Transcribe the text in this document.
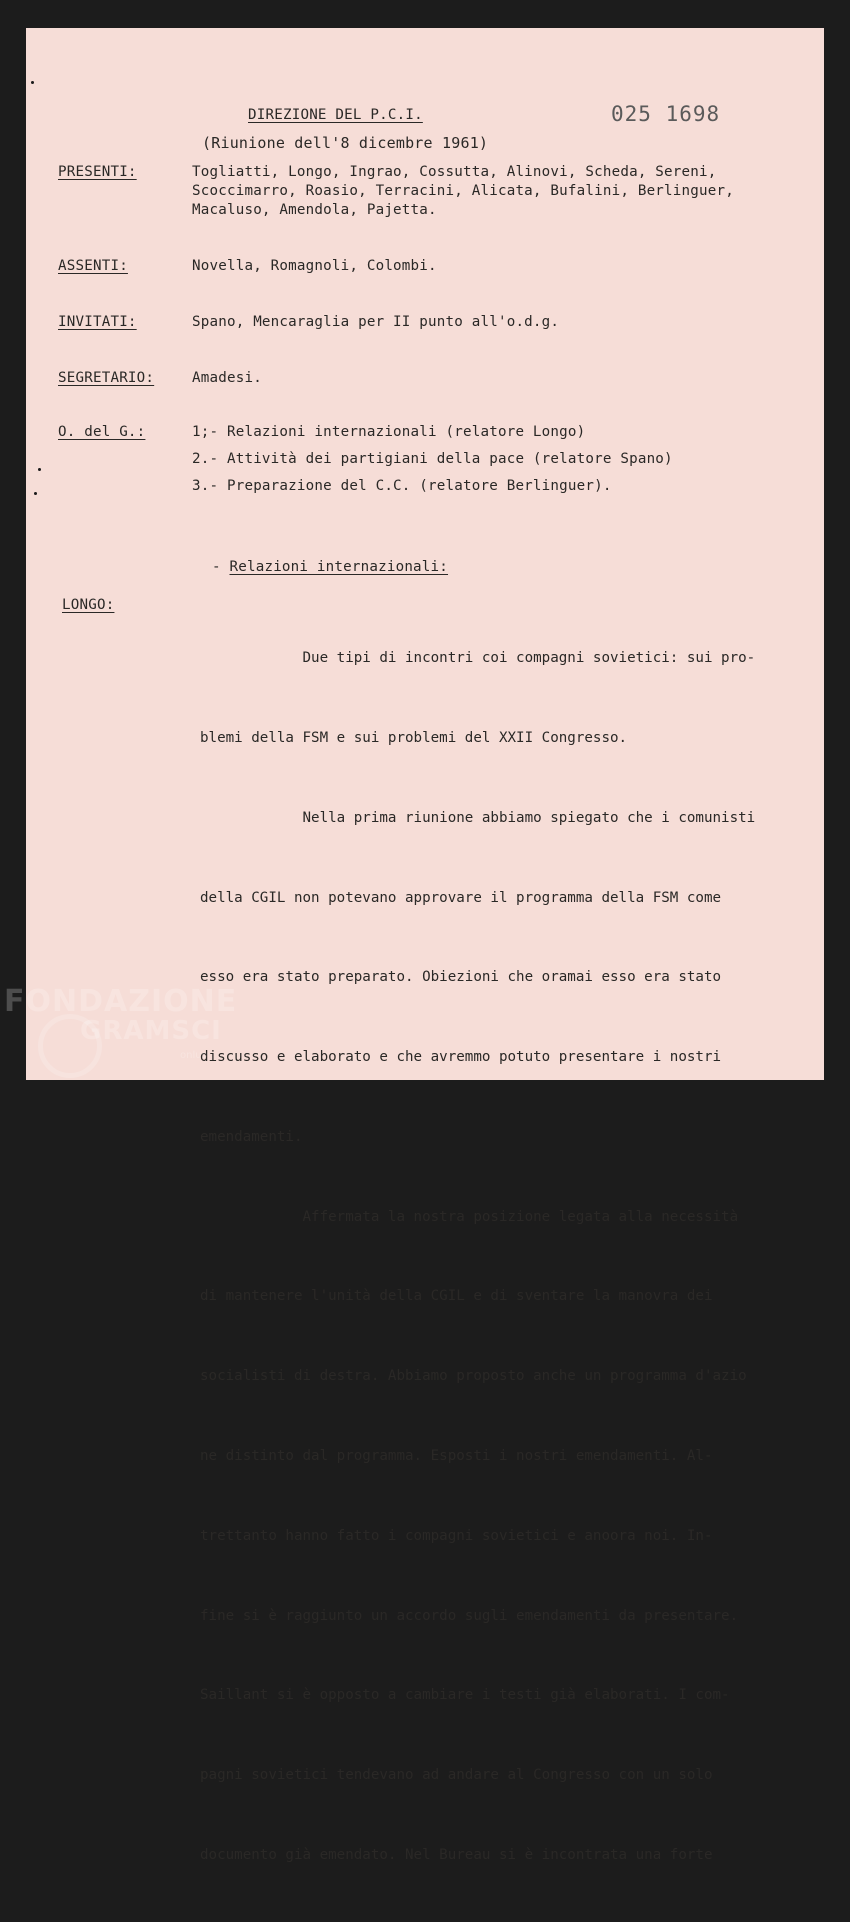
025 1698
DIREZIONE DEL P.C.I.
(Riunione dell'8 dicembre 1961)
PRESENTI:	Togliatti, Longo, Ingrao, Cossutta, Alinovi, Scheda, Sereni,
Scoccimarro, Roasio, Terracini, Alicata, Bufalini, Berlinguer,
Macaluso, Amendola, Pajetta.
ASSENTI:	Novella, Romagnoli, Colombi.
INVITATI:	Spano, Mencaraglia per II punto all'o.d.g.
SEGRETARIO:	Amadesi.
O. del G.:	1;- Relazioni internazionali (relatore Longo)
2.- Attività dei partigiani della pace (relatore Spano)
3.- Preparazione del C.C. (relatore Berlinguer).
- Relazioni internazionali:
LONGO:

Due tipi di incontri coi compagni sovietici: sui pro-

blemi della FSM e sui problemi del XXII Congresso.

Nella prima riunione abbiamo spiegato che i comunisti

della CGIL non potevano approvare il programma della FSM come

esso era stato preparato. Obiezioni che oramai esso era stato

discusso e elaborato e che avremmo potuto presentare i nostri

emendamenti.

Affermata la nostra posizione legata alla necessità

di mantenere l'unità della CGIL e di sventare la manovra dei

socialisti di destra. Abbiamo proposto anche un programma d'azio

ne distinto dal programma. Esposti i nostri emendamenti. Al-

trettanto hanno fatto i compagni sovietici e anoora noi. In-

fine si è raggiunto un accordo sugli emendamenti da presentare.

Saillant si è opposto a cambiare i testi già elaborati. I com-

pagni sovietici tendevano ad andare al Congresso con un solo

documento già emendato. Nel Bureau si è incontrata una forte

FONDAZIONE
GRAMSCI
onlus
